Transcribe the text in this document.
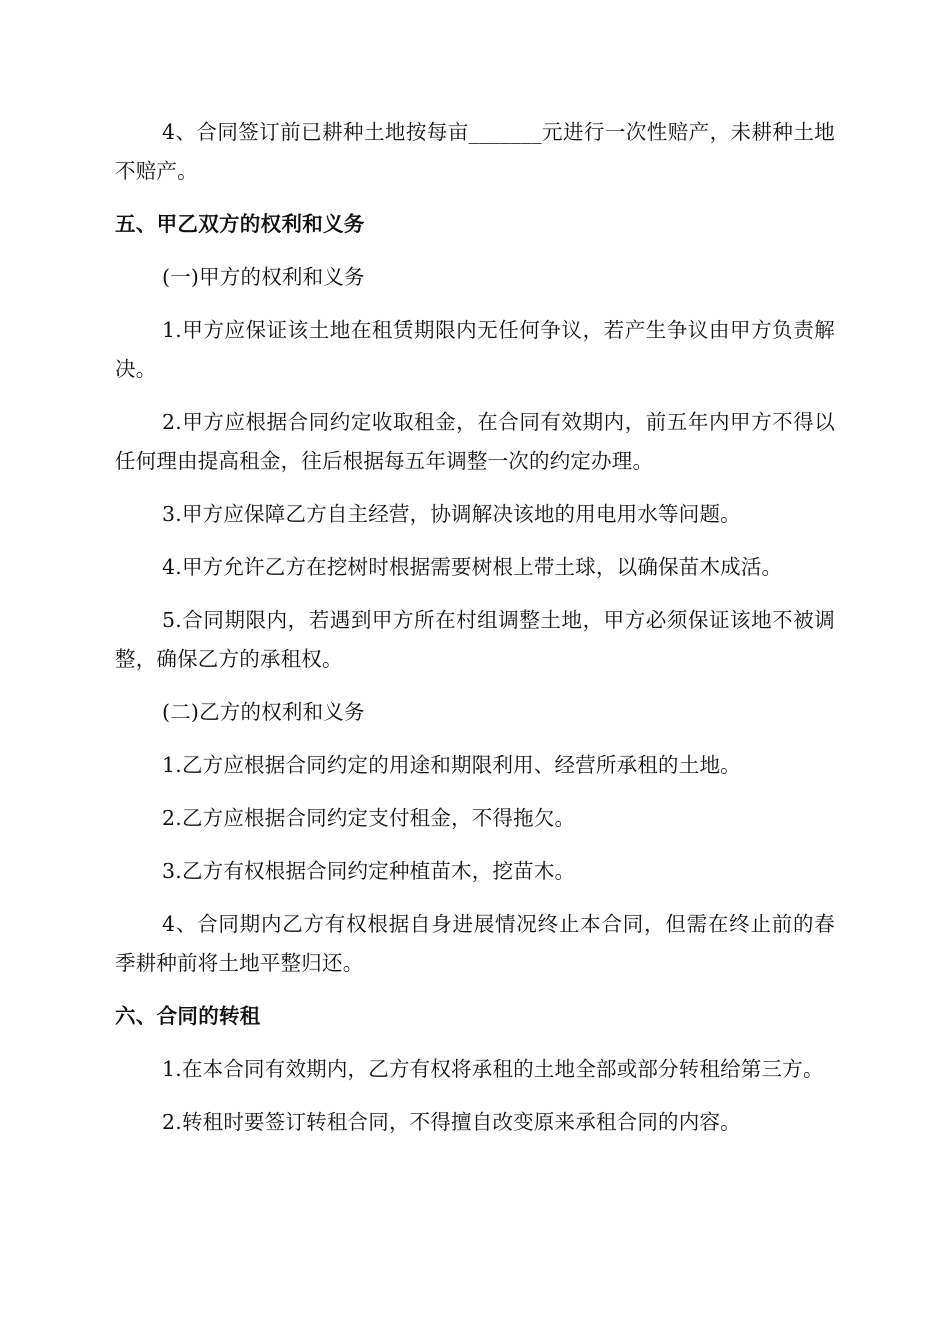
4、合同签订前已耕种土地按每亩_______元进行一次性赔产，未耕种土地不赔产。

五、甲乙双方的权利和义务

(一)甲方的权利和义务

1.甲方应保证该土地在租赁期限内无任何争议，若产生争议由甲方负责解决。

2.甲方应根据合同约定收取租金，在合同有效期内，前五年内甲方不得以任何理由提高租金，往后根据每五年调整一次的约定办理。

3.甲方应保障乙方自主经营，协调解决该地的用电用水等问题。

4.甲方允许乙方在挖树时根据需要树根上带土球，以确保苗木成活。

5.合同期限内，若遇到甲方所在村组调整土地，甲方必须保证该地不被调整，确保乙方的承租权。

(二)乙方的权利和义务

1.乙方应根据合同约定的用途和期限利用、经营所承租的土地。

2.乙方应根据合同约定支付租金，不得拖欠。

3.乙方有权根据合同约定种植苗木，挖苗木。

4、合同期内乙方有权根据自身进展情况终止本合同，但需在终止前的春季耕种前将土地平整归还。

六、合同的转租

1.在本合同有效期内，乙方有权将承租的土地全部或部分转租给第三方。

2.转租时要签订转租合同，不得擅自改变原来承租合同的内容。
